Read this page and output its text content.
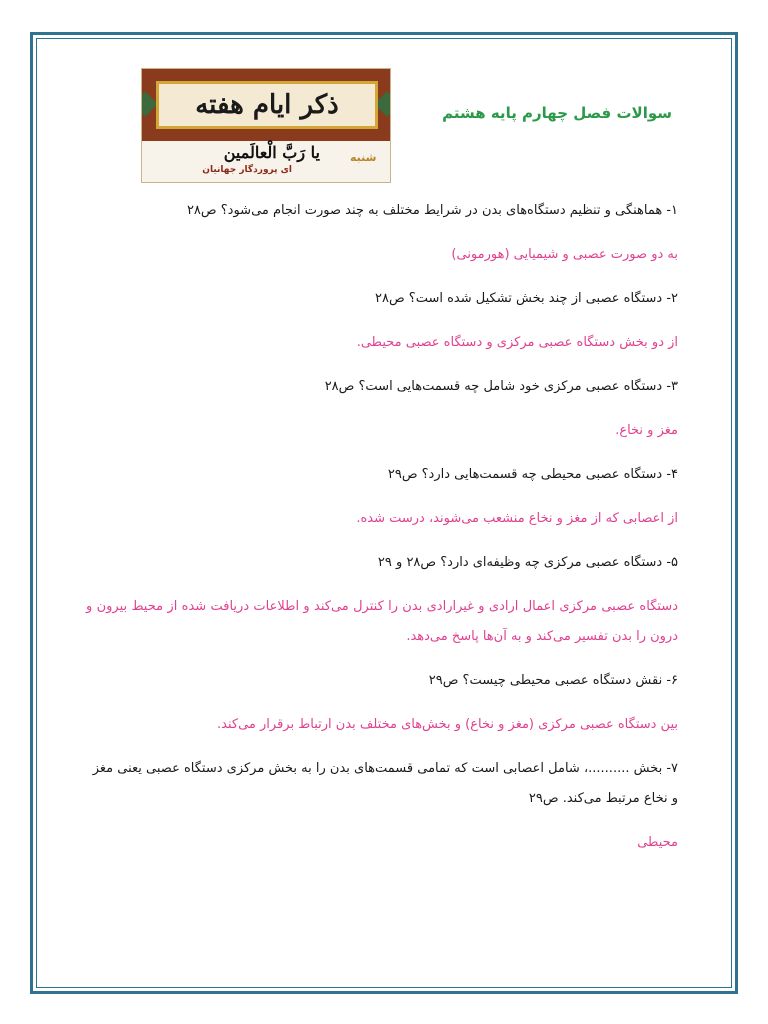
ذکر ایام هفته
یا رَبَّ الْعالَمین
ای پروردگار جهانیان
شنبه
سوالات فصل چهارم پایه هشتم

۱- هماهنگی و تنظیم دستگاه‌های بدن در شرایط مختلف به چند صورت انجام می‌شود؟ ص۲۸

به دو صورت عصبی و شیمیایی (هورمونی)

۲- دستگاه عصبی از چند بخش تشکیل شده است؟ ص۲۸

از دو بخش دستگاه عصبی مرکزی و دستگاه عصبی محیطی.

۳- دستگاه عصبی مرکزی خود شامل چه قسمت‌هایی است؟ ص۲۸

مغز و نخاع.

۴- دستگاه عصبی محیطی چه قسمت‌هایی دارد؟ ص۲۹

از اعصابی که از مغز و نخاع منشعب می‌شوند، درست شده.

۵- دستگاه عصبی مرکزی چه وظیفه‌ای دارد؟ ص۲۸ و ۲۹

دستگاه عصبی مرکزی اعمال ارادی و غیرارادی بدن را کنترل می‌کند و اطلاعات دریافت شده از محیط بیرون و درون را بدن تفسیر می‌کند و به آن‌ها پاسخ می‌دهد.

۶- نقش دستگاه عصبی محیطی چیست؟ ص۲۹

بین دستگاه عصبی مرکزی (مغز و نخاع) و بخش‌های مختلف بدن ارتباط برقرار می‌کند.

۷- بخش ..........، شامل اعصابی است که تمامی قسمت‌های بدن را به بخش مرکزی دستگاه عصبی یعنی مغز و نخاع مرتبط می‌کند. ص۲۹

محیطی
